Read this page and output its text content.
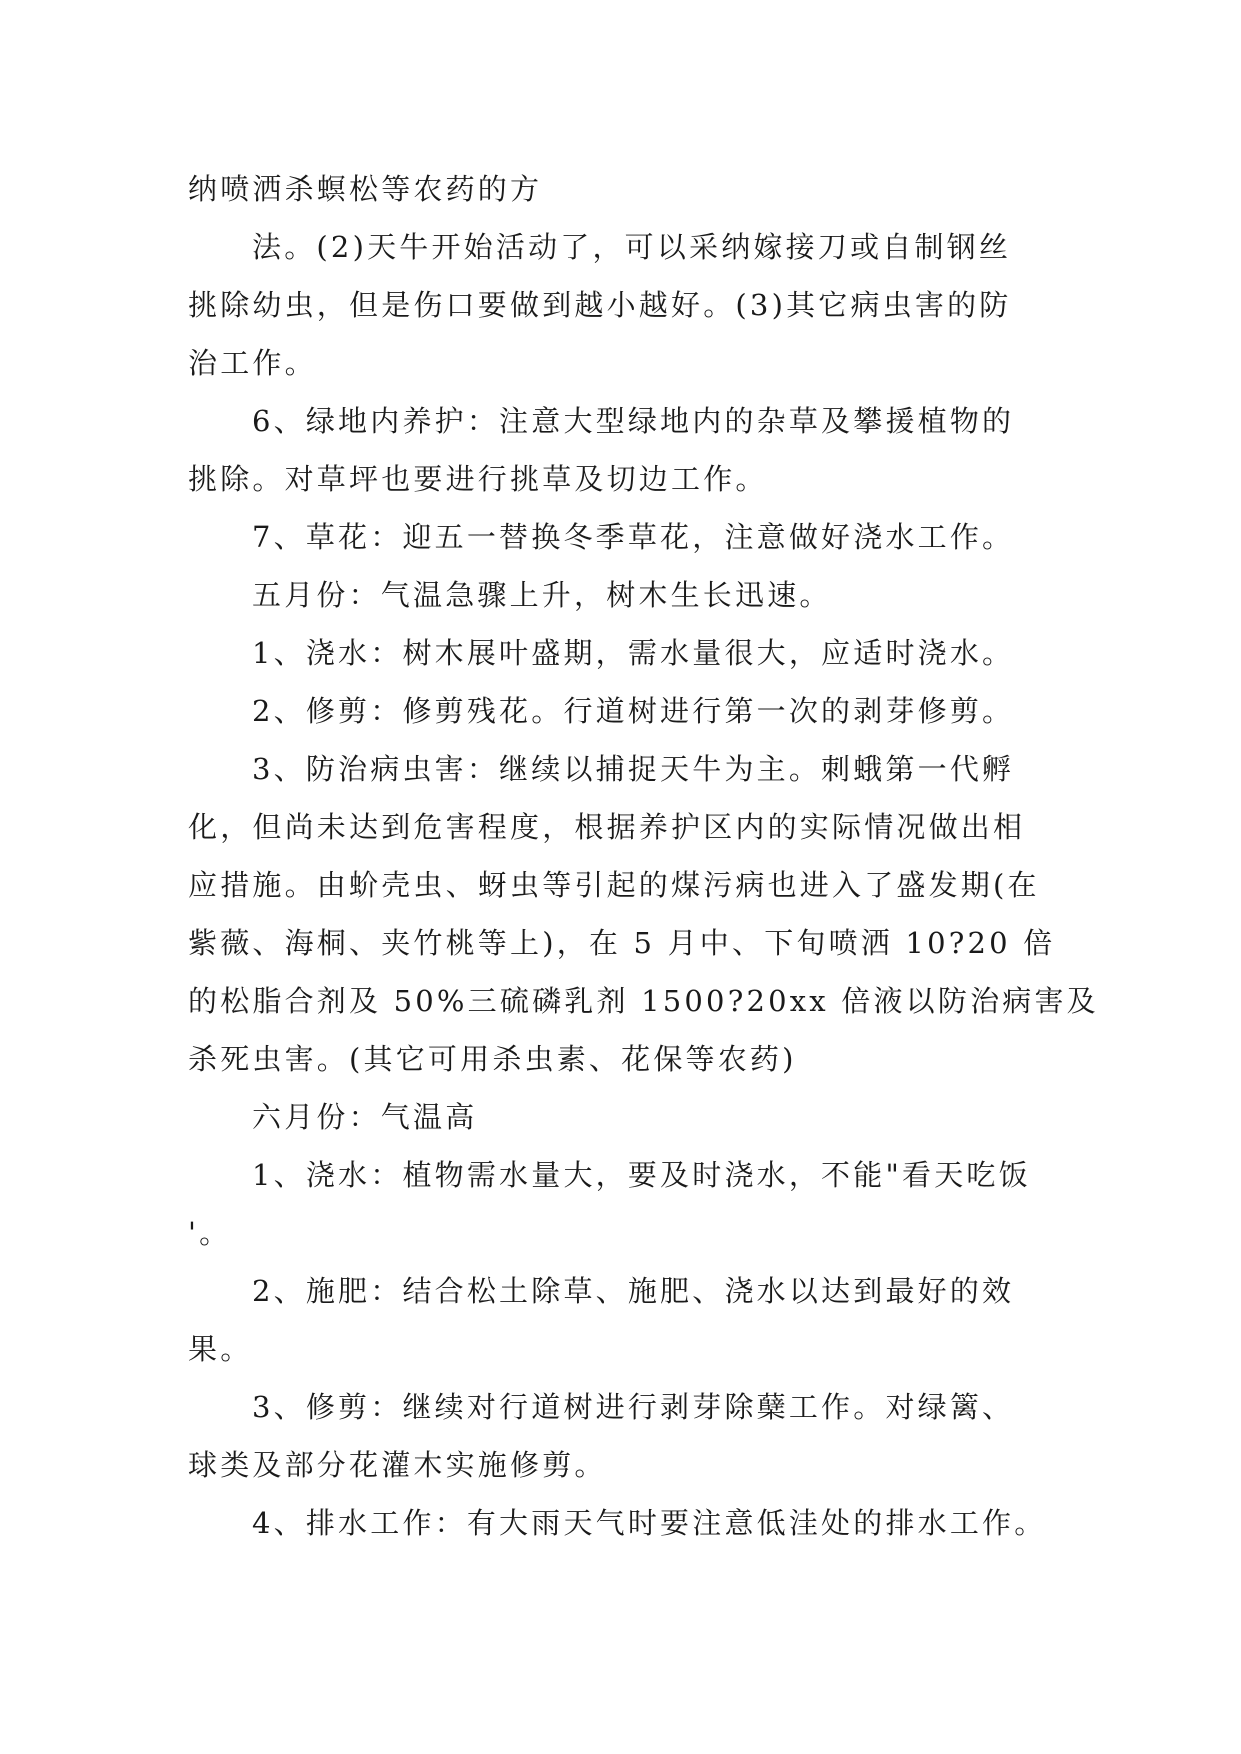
纳喷洒杀螟松等农药的方
法。(2)天牛开始活动了，可以采纳嫁接刀或自制钢丝
挑除幼虫，但是伤口要做到越小越好。(3)其它病虫害的防
治工作。
6、绿地内养护：注意大型绿地内的杂草及攀援植物的
挑除。对草坪也要进行挑草及切边工作。
7、草花：迎五一替换冬季草花，注意做好浇水工作。
五月份：气温急骤上升，树木生长迅速。
1、浇水：树木展叶盛期，需水量很大，应适时浇水。
2、修剪：修剪残花。行道树进行第一次的剥芽修剪。
3、防治病虫害：继续以捕捉天牛为主。刺蛾第一代孵
化，但尚未达到危害程度，根据养护区内的实际情况做出相
应措施。由蚧壳虫、蚜虫等引起的煤污病也进入了盛发期(在
紫薇、海桐、夹竹桃等上)，在 5 月中、下旬喷洒 10?20 倍
的松脂合剂及 50%三硫磷乳剂 1500?20xx 倍液以防治病害及
杀死虫害。(其它可用杀虫素、花保等农药)
六月份：气温高
1、浇水：植物需水量大，要及时浇水，不能"看天吃饭
'。
2、施肥：结合松土除草、施肥、浇水以达到最好的效
果。
3、修剪：继续对行道树进行剥芽除蘖工作。对绿篱、
球类及部分花灌木实施修剪。
4、排水工作：有大雨天气时要注意低洼处的排水工作。
